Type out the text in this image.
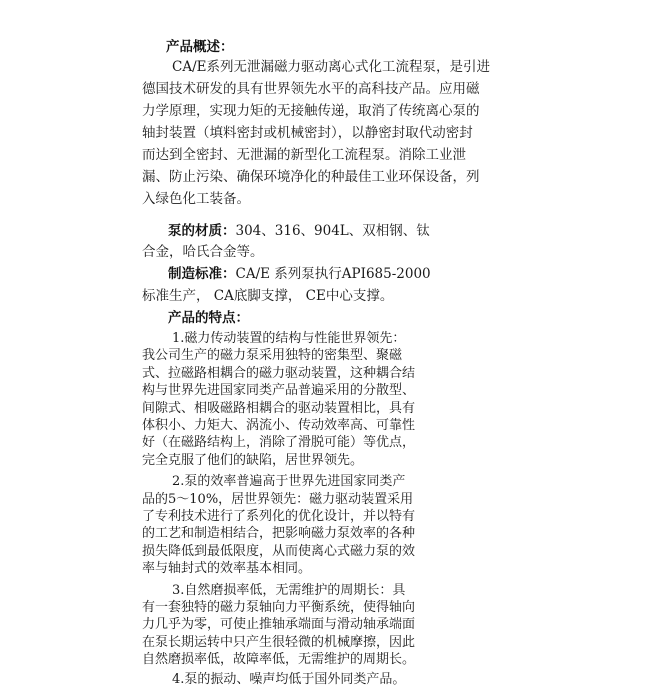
产品概述：
CA/E系列无泄漏磁力驱动离心式化工流程泵，是引进
德国技术研发的具有世界领先水平的高科技产品。应用磁
力学原理，实现力矩的无接触传递，取消了传统离心泵的
轴封装置（填料密封或机械密封），以静密封取代动密封
而达到全密封、无泄漏的新型化工流程泵。消除工业泄
漏、防止污染、确保环境净化的种最佳工业环保设备，列
入绿色化工装备。
泵的材质：304、316、904L、双相钢、钛
合金，哈氏合金等。
制造标准：CA/E 系列泵执行API685-2000
标准生产， CA底脚支撑， CE中心支撑。
产品的特点：
1.磁力传动装置的结构与性能世界领先：
我公司生产的磁力泵采用独特的密集型、聚磁
式、拉磁路相耦合的磁力驱动装置，这种耦合结
构与世界先进国家同类产品普遍采用的分散型、
间隙式、相吸磁路相耦合的驱动装置相比，具有
体积小、力矩大、涡流小、传动效率高、可靠性
好（在磁路结构上，消除了滑脱可能）等优点，
完全克服了他们的缺陷，居世界领先。
2.泵的效率普遍高于世界先进国家同类产
品的5～10%，居世界领先：磁力驱动装置采用
了专利技术进行了系列化的优化设计，并以特有
的工艺和制造相结合，把影响磁力泵效率的各种
损失降低到最低限度，从而使离心式磁力泵的效
率与轴封式的效率基本相同。
3.自然磨损率低，无需维护的周期长：具
有一套独特的磁力泵轴向力平衡系统，使得轴向
力几乎为零，可使止推轴承端面与滑动轴承端面
在泵长期运转中只产生很轻微的机械摩擦，因此
自然磨损率低，故障率低，无需维护的周期长。
4.泵的振动、噪声均低于国外同类产品。
